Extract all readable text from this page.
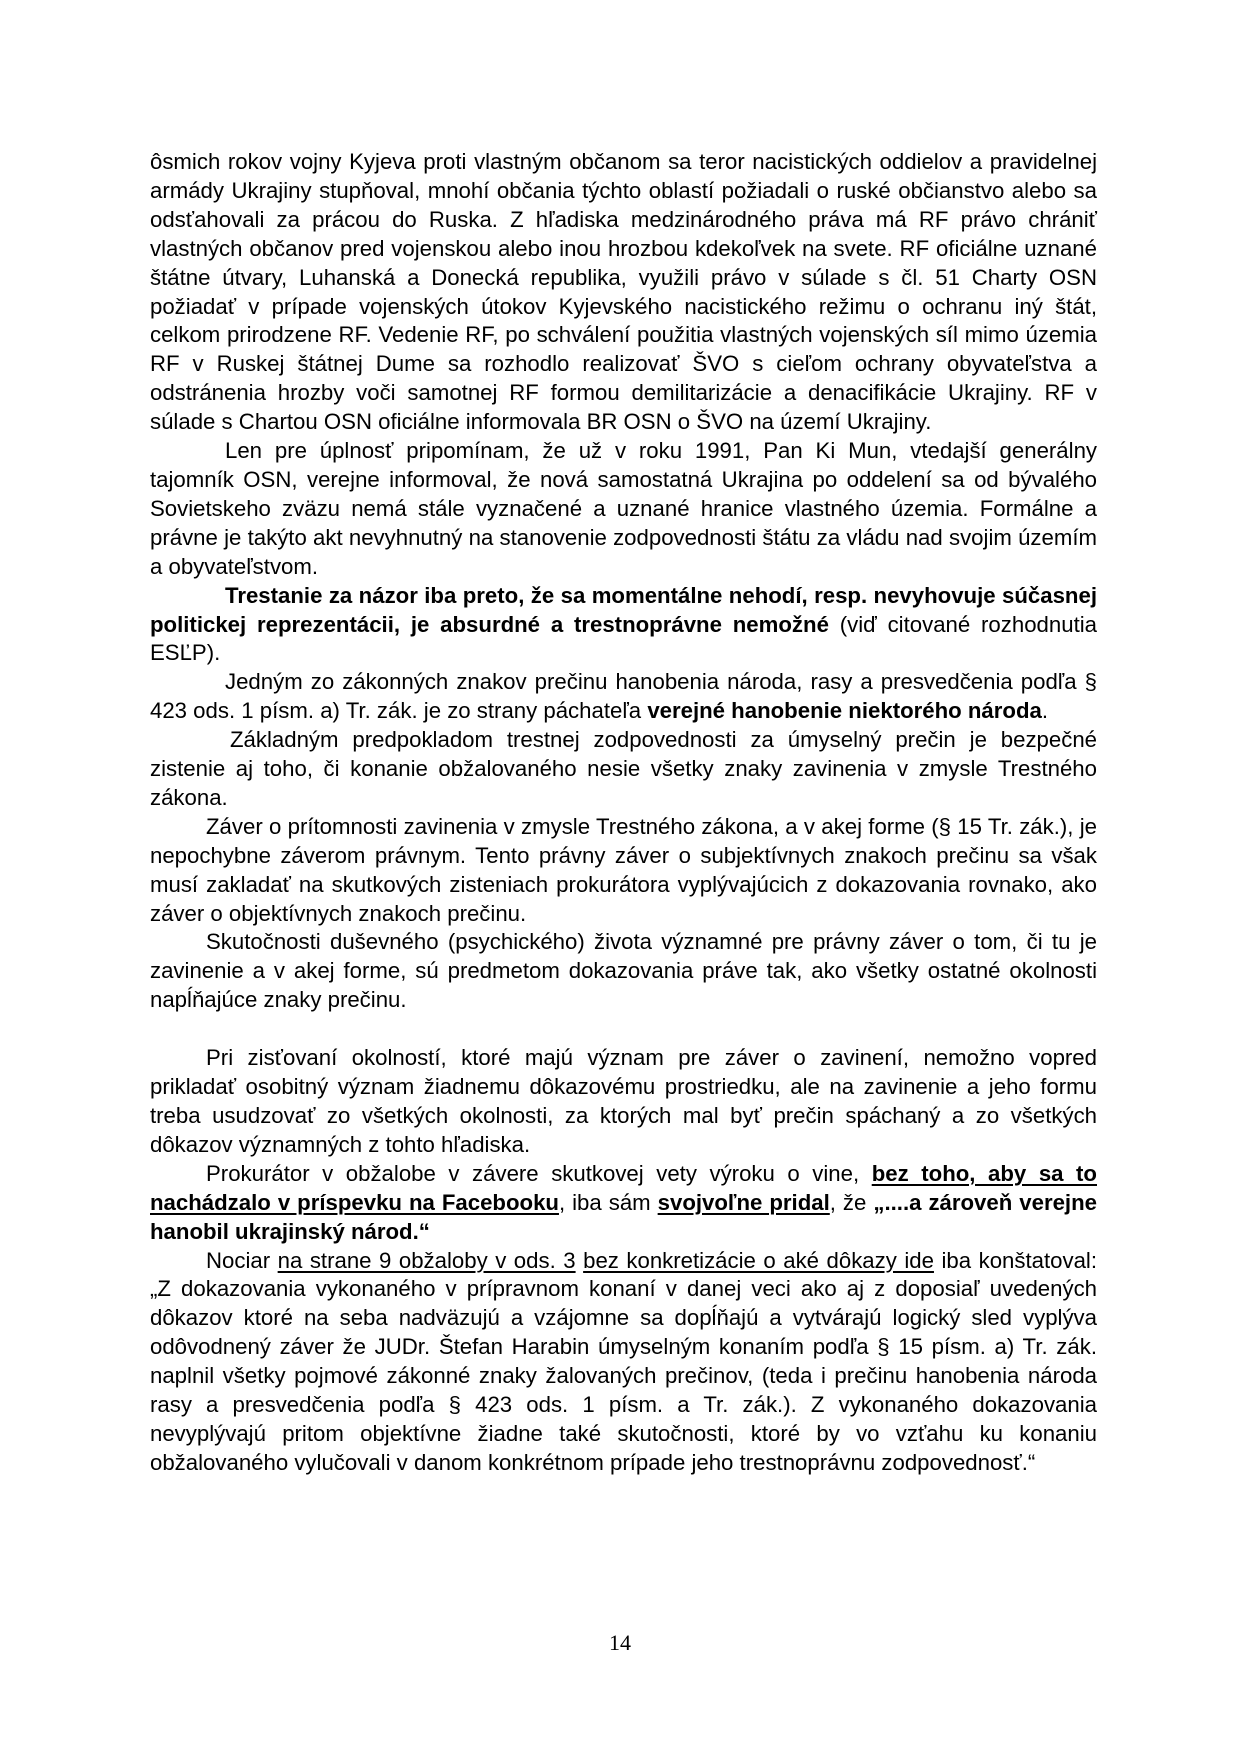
ôsmich rokov vojny Kyjeva proti vlastným občanom sa teror nacistických oddielov a pravidelnej armády Ukrajiny stupňoval, mnohí občania týchto oblastí požiadali o ruské občianstvo alebo sa odsťahovali za prácou do Ruska. Z hľadiska medzinárodného práva má RF právo chrániť vlastných občanov pred vojenskou alebo inou hrozbou kdekoľvek na svete. RF oficiálne uznané štátne útvary, Luhanská a Donecká republika, využili právo v súlade s čl. 51 Charty OSN požiadať v prípade vojenských útokov Kyjevského nacistického režimu o ochranu iný štát, celkom prirodzene RF. Vedenie RF, po schválení použitia vlastných vojenských síl mimo územia RF v Ruskej štátnej Dume sa rozhodlo realizovať ŠVO s cieľom ochrany obyvateľstva a odstránenia hrozby voči samotnej RF formou demilitarizácie a denacifikácie Ukrajiny. RF v súlade s Chartou OSN oficiálne informovala BR OSN o ŠVO na území Ukrajiny.

Len pre úplnosť pripomínam, že už v roku 1991, Pan Ki Mun, vtedajší generálny tajomník OSN, verejne informoval, že nová samostatná Ukrajina po oddelení sa od bývalého Sovietskeho zväzu nemá stále vyznačené a uznané hranice vlastného územia. Formálne a právne je takýto akt nevyhnutný na stanovenie zodpovednosti štátu za vládu nad svojim územím a obyvateľstvom.

Trestanie za názor iba preto, že sa momentálne nehodí, resp. nevyhovuje súčasnej politickej reprezentácii, je absurdné a trestnoprávne nemožné (viď citované rozhodnutia ESĽP).

Jedným zo zákonných znakov prečinu hanobenia národa, rasy a presvedčenia podľa § 423 ods. 1 písm. a) Tr. zák. je zo strany páchateľa verejné hanobenie niektorého národa.

Základným predpokladom trestnej zodpovednosti za úmyselný prečin je bezpečné zistenie aj toho, či konanie obžalovaného nesie všetky znaky zavinenia v zmysle Trestného zákona.

Záver o prítomnosti zavinenia v zmysle Trestného zákona, a v akej forme (§ 15 Tr. zák.), je nepochybne záverom právnym. Tento právny záver o subjektívnych znakoch prečinu sa však musí zakladať na skutkových zisteniach prokurátora vyplývajúcich z dokazovania rovnako, ako záver o objektívnych znakoch prečinu.

Skutočnosti duševného (psychického) života významné pre právny záver o tom, či tu je zavinenie a v akej forme, sú predmetom dokazovania práve tak, ako všetky ostatné okolnosti napĺňajúce znaky prečinu.

Pri zisťovaní okolností, ktoré majú význam pre záver o zavinení, nemožno vopred prikladať osobitný význam žiadnemu dôkazovému prostriedku, ale na zavinenie a jeho formu treba usudzovať zo všetkých okolnosti, za ktorých mal byť prečin spáchaný a zo všetkých dôkazov významných z tohto hľadiska.

Prokurátor v obžalobe v závere skutkovej vety výroku o vine, bez toho, aby sa to nachádzalo v príspevku na Facebooku, iba sám svojvoľne pridal, že „....a zároveň verejne hanobil ukrajinský národ.“

Nociar na strane 9 obžaloby v ods. 3 bez konkretizácie o aké dôkazy ide iba konštatoval: „Z dokazovania vykonaného v prípravnom konaní v danej veci ako aj z doposiaľ uvedených dôkazov ktoré na seba nadväzujú a vzájomne sa dopĺňajú a vytvárajú logický sled vyplýva odôvodnený záver že JUDr. Štefan Harabin úmyselným konaním podľa § 15 písm. a) Tr. zák. naplnil všetky pojmové zákonné znaky žalovaných prečinov, (teda i prečinu hanobenia národa rasy a presvedčenia podľa § 423 ods. 1 písm. a Tr. zák.). Z vykonaného dokazovania nevyplývajú pritom objektívne žiadne také skutočnosti, ktoré by vo vzťahu ku konaniu obžalovaného vylučovali v danom konkrétnom prípade jeho trestnoprávnu zodpovednosť.“

14
